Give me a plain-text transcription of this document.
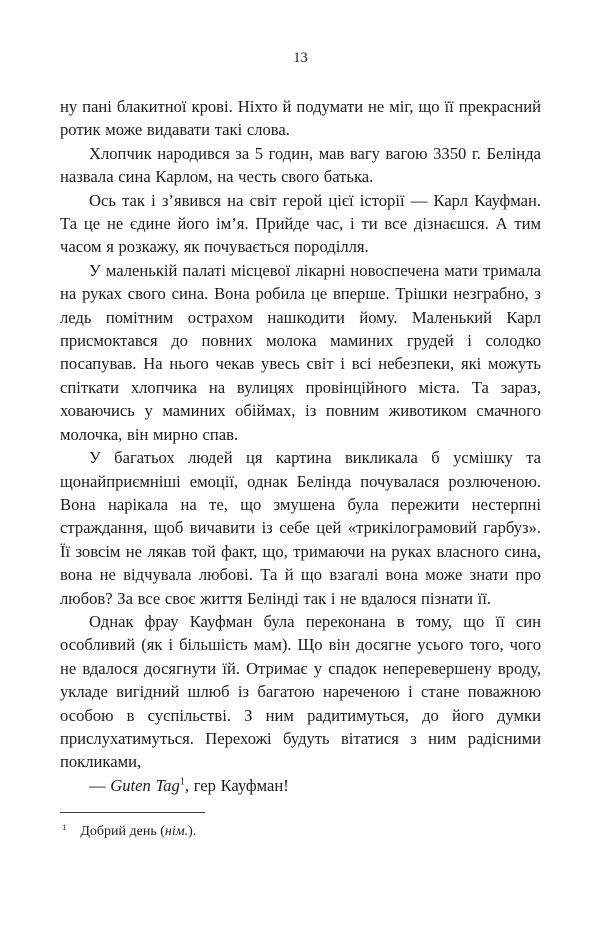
13

ну пані блакитної крові. Ніхто й подумати не міг, що її прекрасний ротик може видавати такі слова.

Хлопчик народився за 5 годин, мав вагу вагою 3350 г. Белінда назвала сина Карлом, на честь свого батька.

Ось так і з’явився на світ герой цієї історії — Карл Кауфман. Та це не єдине його ім’я. Прийде час, і ти все дізнаєшся. А тим часом я розкажу, як почувається породілля.

У маленькій палаті місцевої лікарні новоспечена мати тримала на руках свого сина. Вона робила це вперше. Трішки незграбно, з ледь помітним острахом нашкодити йому. Маленький Карл присмоктався до повних молока маминих грудей і солодко посапував. На нього чекав увесь світ і всі небезпеки, які можуть спіткати хлопчика на вулицях провінційного міста. Та зараз, ховаючись у маминих обіймах, із повним животиком смачного молочка, він мирно спав.

У багатьох людей ця картина викликала б усмішку та щонайприємніші емоції, однак Белінда почувалася розлюченою. Вона нарікала на те, що змушена була пережити нестерпні страждання, щоб вичавити із себе цей «трикілограмовий гарбуз». Її зовсім не лякав той факт, що, тримаючи на руках власного сина, вона не відчувала любові. Та й що взагалі вона може знати про любов? За все своє життя Белінді так і не вдалося пізнати її.

Однак фрау Кауфман була переконана в тому, що її син особливий (як і більшість мам). Що він досягне усього того, чого не вдалося досягнути їй. Отримає у спадок неперевершену вроду, укладе вигідний шлюб із багатою нареченою і стане поважною особою в суспільстві. З ним радитимуться, до його думки прислухатимуться. Перехожі будуть вітатися з ним радісними покликами,

— Guten Tag$^1$, гер Кауфман!

$^1$ Добрий день (нім.).
